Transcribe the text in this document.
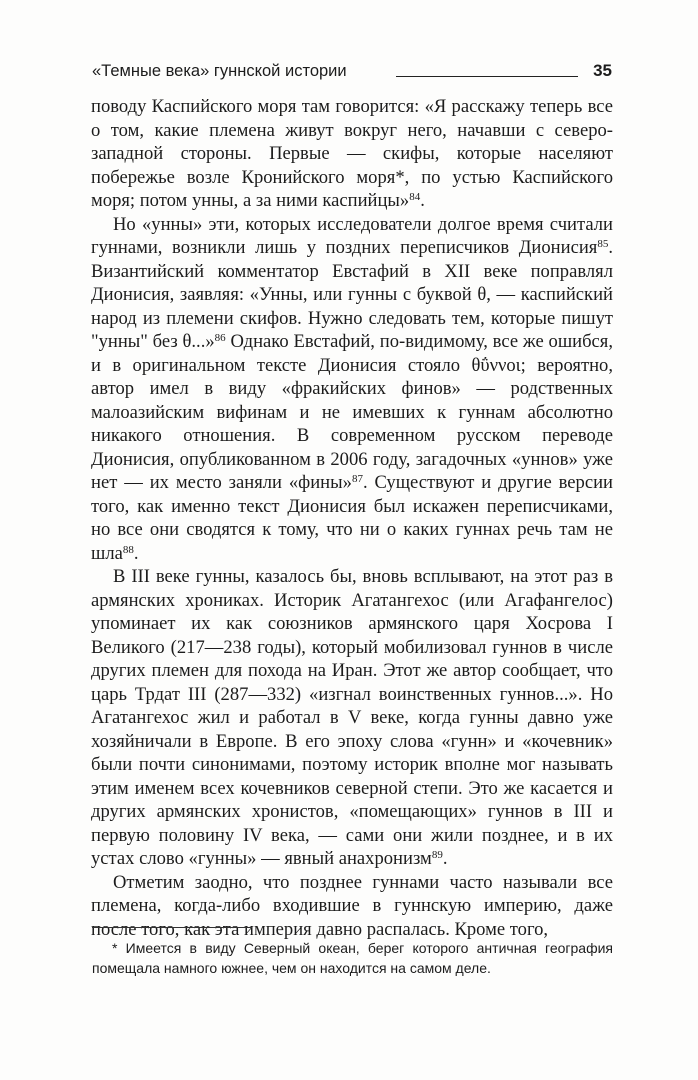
«Темные века» гуннской истории	35

поводу Каспийского моря там говорится: «Я расскажу теперь все о том, какие племена живут вокруг него, начавши с северо-западной стороны. Первые — скифы, которые населяют побережье возле Кронийского моря*, по устью Каспийского моря; потом унны, а за ними каспийцы»$^{84}$.

Но «унны» эти, которых исследователи долгое время считали гуннами, возникли лишь у поздних переписчиков Дионисия$^{85}$. Византийский комментатор Евстафий в XII веке поправлял Дионисия, заявляя: «Унны, или гунны с буквой θ, — каспийский народ из племени скифов. Нужно следовать тем, которые пишут "унны" без θ...»$^{86}$ Однако Евстафий, по-видимому, все же ошибся, и в оригинальном тексте Дионисия стояло θΰννοι; вероятно, автор имел в виду «фракийских финов» — родственных малоазийским вифинам и не имевших к гуннам абсолютно никакого отношения. В современном русском переводе Дионисия, опубликованном в 2006 году, загадочных «уннов» уже нет — их место заняли «фины»$^{87}$. Существуют и другие версии того, как именно текст Дионисия был искажен переписчиками, но все они сводятся к тому, что ни о каких гуннах речь там не шла$^{88}$.

В III веке гунны, казалось бы, вновь всплывают, на этот раз в армянских хрониках. Историк Агатангехос (или Агафангелос) упоминает их как союзников армянского царя Хосрова I Великого (217—238 годы), который мобилизовал гуннов в числе других племен для похода на Иран. Этот же автор сообщает, что царь Трдат III (287—332) «изгнал воинственных гуннов...». Но Агатангехос жил и работал в V веке, когда гунны давно уже хозяйничали в Европе. В его эпоху слова «гунн» и «кочевник» были почти синонимами, поэтому историк вполне мог называть этим именем всех кочевников северной степи. Это же касается и других армянских хронистов, «помещающих» гуннов в III и первую половину IV века, — сами они жили позднее, и в их устах слово «гунны» — явный анахронизм$^{89}$.

Отметим заодно, что позднее гуннами часто называли все племена, когда-либо входившие в гуннскую империю, даже после того, как эта империя давно распалась. Кроме того,

* Имеется в виду Северный океан, берег которого античная география помещала намного южнее, чем он находится на самом деле.
